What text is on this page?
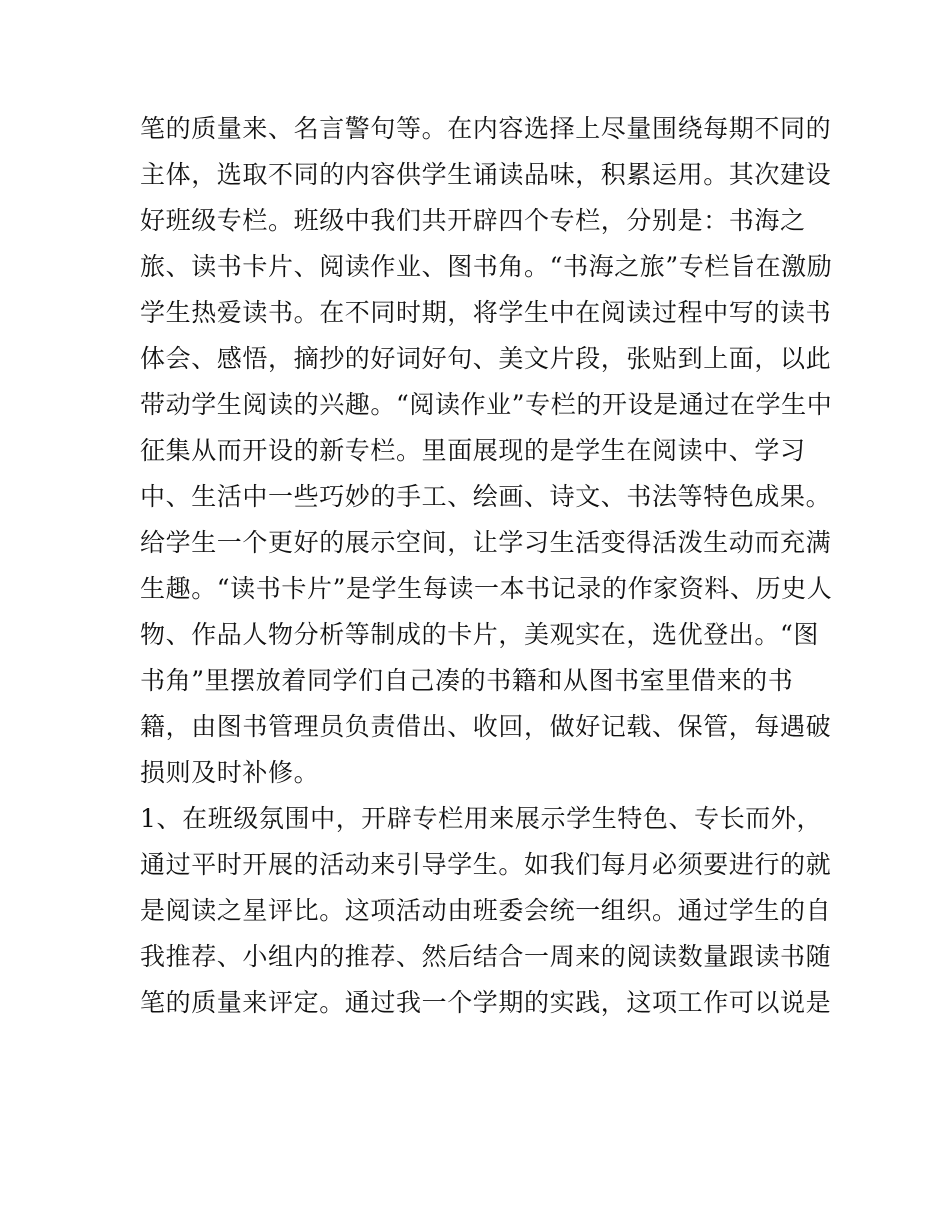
笔的质量来、名言警句等。在内容选择上尽量围绕每期不同的
主体，选取不同的内容供学生诵读品味，积累运用。其次建设
好班级专栏。班级中我们共开辟四个专栏，分别是：书海之
旅、读书卡片、阅读作业、图书角。“书海之旅”专栏旨在激励
学生热爱读书。在不同时期，将学生中在阅读过程中写的读书
体会、感悟，摘抄的好词好句、美文片段，张贴到上面，以此
带动学生阅读的兴趣。“阅读作业”专栏的开设是通过在学生中
征集从而开设的新专栏。里面展现的是学生在阅读中、学习
中、生活中一些巧妙的手工、绘画、诗文、书法等特色成果。
给学生一个更好的展示空间，让学习生活变得活泼生动而充满
生趣。“读书卡片”是学生每读一本书记录的作家资料、历史人
物、作品人物分析等制成的卡片，美观实在，选优登出。“图
书角”里摆放着同学们自己凑的书籍和从图书室里借来的书
籍，由图书管理员负责借出、收回，做好记载、保管，每遇破
损则及时补修。
1、在班级氛围中，开辟专栏用来展示学生特色、专长而外，
通过平时开展的活动来引导学生。如我们每月必须要进行的就
是阅读之星评比。这项活动由班委会统一组织。通过学生的自
我推荐、小组内的推荐、然后结合一周来的阅读数量跟读书随
笔的质量来评定。通过我一个学期的实践，这项工作可以说是
